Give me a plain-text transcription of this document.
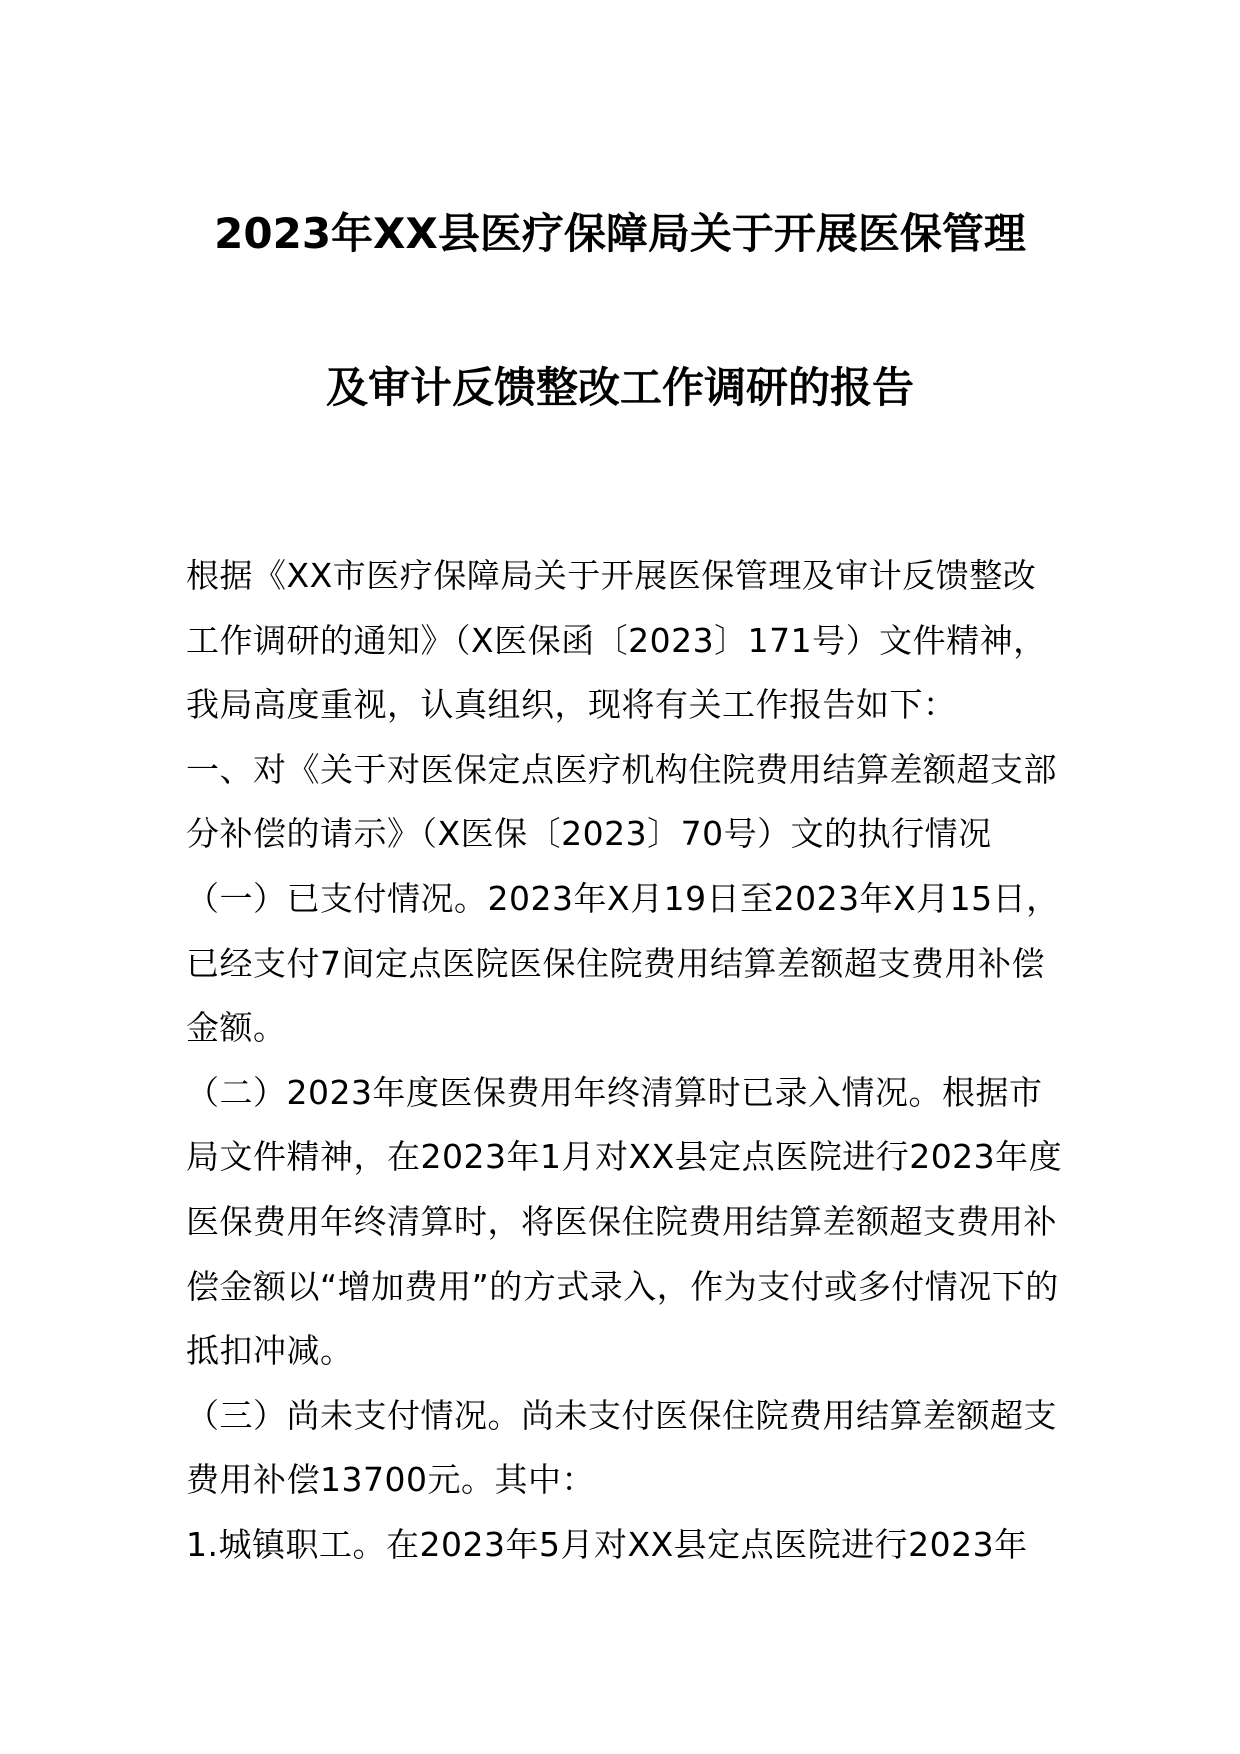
2023年XX县医疗保障局关于开展医保管理
及审计反馈整改工作调研的报告

根据《XX市医疗保障局关于开展医保管理及审计反馈整改工作调研的通知》（X医保函〔2023〕171号）文件精神，我局高度重视，认真组织，现将有关工作报告如下：

一、对《关于对医保定点医疗机构住院费用结算差额超支部分补偿的请示》（X医保〔2023〕70号）文的执行情况

（一）已支付情况。2023年X月19日至2023年X月15日，已经支付7间定点医院医保住院费用结算差额超支费用补偿金额。

（二）2023年度医保费用年终清算时已录入情况。根据市局文件精神，在2023年1月对XX县定点医院进行2023年度医保费用年终清算时，将医保住院费用结算差额超支费用补偿金额以“增加费用”的方式录入，作为支付或多付情况下的抵扣冲减。

（三）尚未支付情况。尚未支付医保住院费用结算差额超支费用补偿13700元。其中：

1.城镇职工。在2023年5月对XX县定点医院进行2023年
